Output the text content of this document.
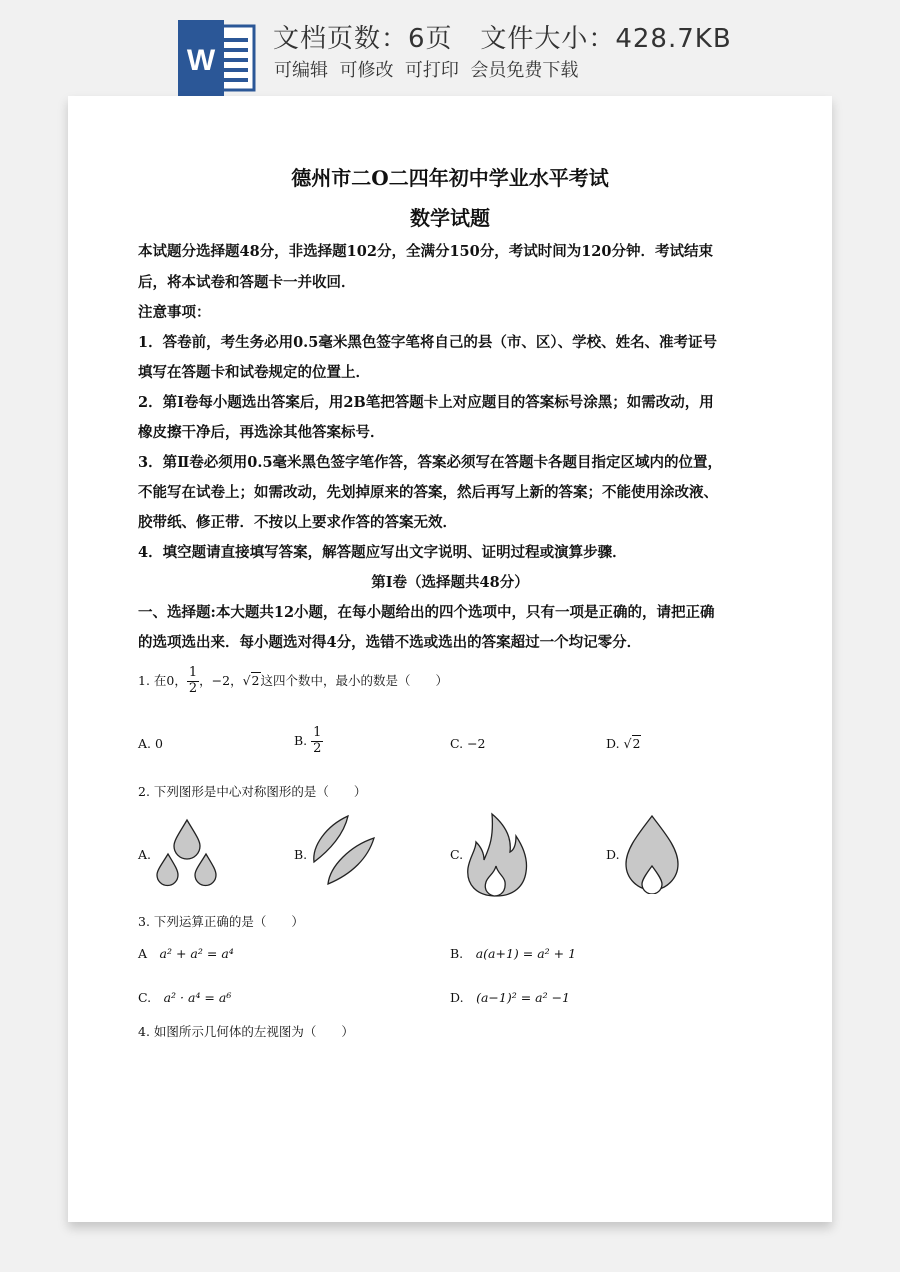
W
文档页数：6页 文件大小：428.7KB
可编辑  可修改  可打印  会员免费下载
德州市二O二四年初中学业水平考试
数学试题
本试题分选择题48分，非选择题102分，全满分150分，考试时间为120分钟．考试结束
后，将本试卷和答题卡一并收回．
注意事项：
1．答卷前，考生务必用0.5毫米黑色签字笔将自己的县（市、区）、学校、姓名、准考证号
填写在答题卡和试卷规定的位置上．
2．第Ⅰ卷每小题选出答案后，用2B笔把答题卡上对应题目的答案标号涂黑；如需改动，用
橡皮擦干净后，再选涂其他答案标号．
3．第Ⅱ卷必须用0.5毫米黑色签字笔作答，答案必须写在答题卡各题目指定区域内的位置，
不能写在试卷上；如需改动，先划掉原来的答案，然后再写上新的答案；不能使用涂改液、
胶带纸、修正带．不按以上要求作答的答案无效．
4．填空题请直接填写答案，解答题应写出文字说明、证明过程或演算步骤．
第Ⅰ卷（选择题共48分）
一、选择题:本大题共12小题，在每小题给出的四个选项中，只有一项是正确的，请把正确
的选项选出来．每小题选对得4分，选错不选或选出的答案超过一个均记零分．
1. 在0， $\frac{1}{2}$ ，−2，√2这四个数中，最小的数是（　　）
A. 0	B. $\frac{1}{2}$	C. −2	D. √2
2. 下列图形是中心对称图形的是（　　）
A.	B.	C.	D.
3. 下列运算正确的是（　　）
A　 a² + a² = a⁴	B.　 a(a+1) = a² + 1
C.　 a² · a⁴ = a⁶	D.　 (a−1)² = a² −1
4. 如图所示几何体的左视图为（　　）
